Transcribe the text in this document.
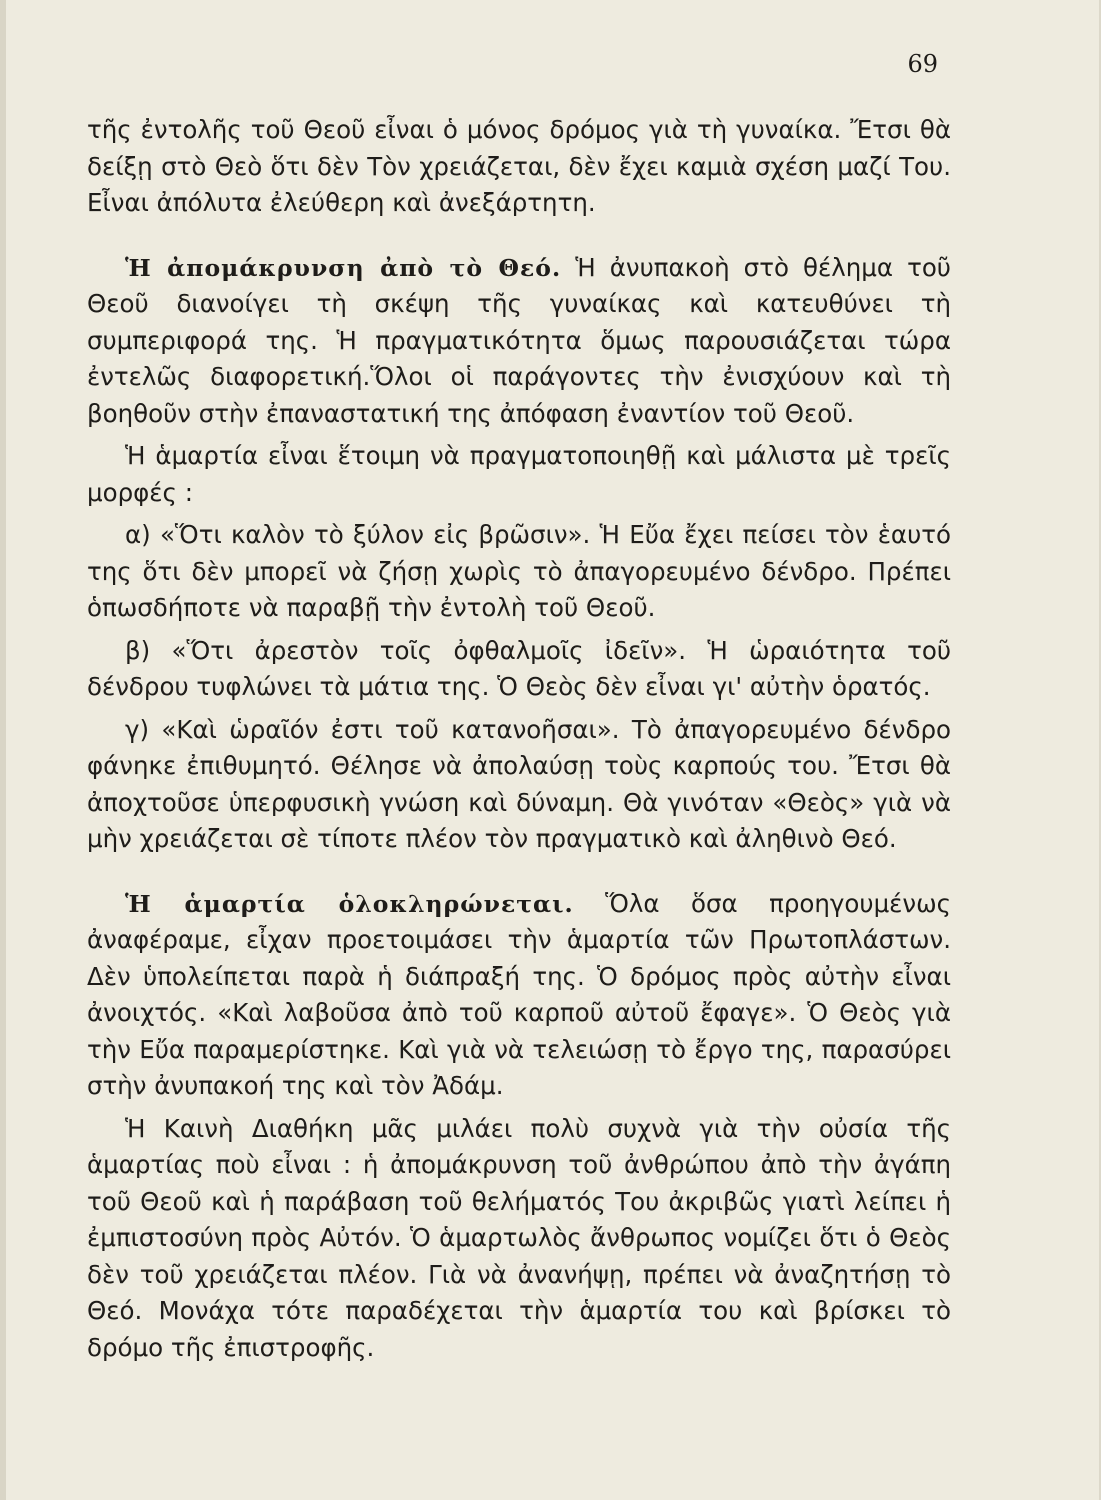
69

τῆς ἐντολῆς τοῦ Θεοῦ εἶναι ὁ μόνος δρόμος γιὰ τὴ γυναίκα. Ἔτσι θὰ δείξῃ στὸ Θεὸ ὅτι δὲν Τὸν χρειάζεται, δὲν ἔχει καμιὰ σχέση μαζί Του. Εἶναι ἀπόλυτα ἐλεύθερη καὶ ἀνεξάρτητη.

Ἡ ἀπομάκρυνση ἀπὸ τὸ Θεό. Ἡ ἀνυπακοὴ στὸ θέλημα τοῦ Θεοῦ διανοίγει τὴ σκέψη τῆς γυναίκας καὶ κατευθύνει τὴ συμπεριφορά της. Ἡ πραγματικότητα ὅμως παρουσιάζεται τώρα ἐντελῶς διαφορετική.Ὅλοι οἱ παράγοντες τὴν ἐνισχύουν καὶ τὴ βοηθοῦν στὴν ἐπαναστατική της ἀπόφαση ἐναντίον τοῦ Θεοῦ.

Ἡ ἁμαρτία εἶναι ἕτοιμη νὰ πραγματοποιηθῇ καὶ μάλιστα μὲ τρεῖς μορφές :

α) «Ὅτι καλὸν τὸ ξύλον εἰς βρῶσιν». Ἡ Εὔα ἔχει πείσει τὸν ἑαυτό της ὅτι δὲν μπορεῖ νὰ ζήσῃ χωρὶς τὸ ἀπαγορευμένο δένδρο. Πρέπει ὁπωσδήποτε νὰ παραβῇ τὴν ἐντολὴ τοῦ Θεοῦ.

β) «Ὅτι ἀρεστὸν τοῖς ὀφθαλμοῖς ἰδεῖν». Ἡ ὡραιότητα τοῦ δένδρου τυφλώνει τὰ μάτια της. Ὁ Θεὸς δὲν εἶναι γι' αὐτὴν ὁρατός.

γ) «Καὶ ὡραῖόν ἐστι τοῦ κατανοῆσαι». Τὸ ἀπαγορευμένο δένδρο φάνηκε ἐπιθυμητό. Θέλησε νὰ ἀπολαύσῃ τοὺς καρπούς του. Ἔτσι θὰ ἀποχτοῦσε ὑπερφυσικὴ γνώση καὶ δύναμη. Θὰ γινόταν «Θεὸς» γιὰ νὰ μὴν χρειάζεται σὲ τίποτε πλέον τὸν πραγματικὸ καὶ ἀληθινὸ Θεό.

Ἡ ἁμαρτία ὁλοκληρώνεται. Ὅλα ὅσα προηγουμένως ἀναφέραμε, εἶχαν προετοιμάσει τὴν ἁμαρτία τῶν Πρωτοπλάστων. Δὲν ὑπολείπεται παρὰ ἡ διάπραξή της. Ὁ δρόμος πρὸς αὐτὴν εἶναι ἀνοιχτός. «Καὶ λαβοῦσα ἀπὸ τοῦ καρποῦ αὐτοῦ ἔφαγε». Ὁ Θεὸς γιὰ τὴν Εὔα παραμερίστηκε. Καὶ γιὰ νὰ τελειώσῃ τὸ ἔργο της, παρασύρει στὴν ἀνυπακοή της καὶ τὸν Ἀδάμ.

Ἡ Καινὴ Διαθήκη μᾶς μιλάει πολὺ συχνὰ γιὰ τὴν οὐσία τῆς ἁμαρτίας ποὺ εἶναι : ἡ ἀπομάκρυνση τοῦ ἀνθρώπου ἀπὸ τὴν ἀγάπη τοῦ Θεοῦ καὶ ἡ παράβαση τοῦ θελήματός Του ἀκριβῶς γιατὶ λείπει ἡ ἐμπιστοσύνη πρὸς Αὐτόν. Ὁ ἁμαρτωλὸς ἄνθρωπος νομίζει ὅτι ὁ Θεὸς δὲν τοῦ χρειάζεται πλέον. Γιὰ νὰ ἀνανήψῃ, πρέπει νὰ ἀναζητήσῃ τὸ Θεό. Μονάχα τότε παραδέχεται τὴν ἁμαρτία του καὶ βρίσκει τὸ δρόμο τῆς ἐπιστροφῆς.
